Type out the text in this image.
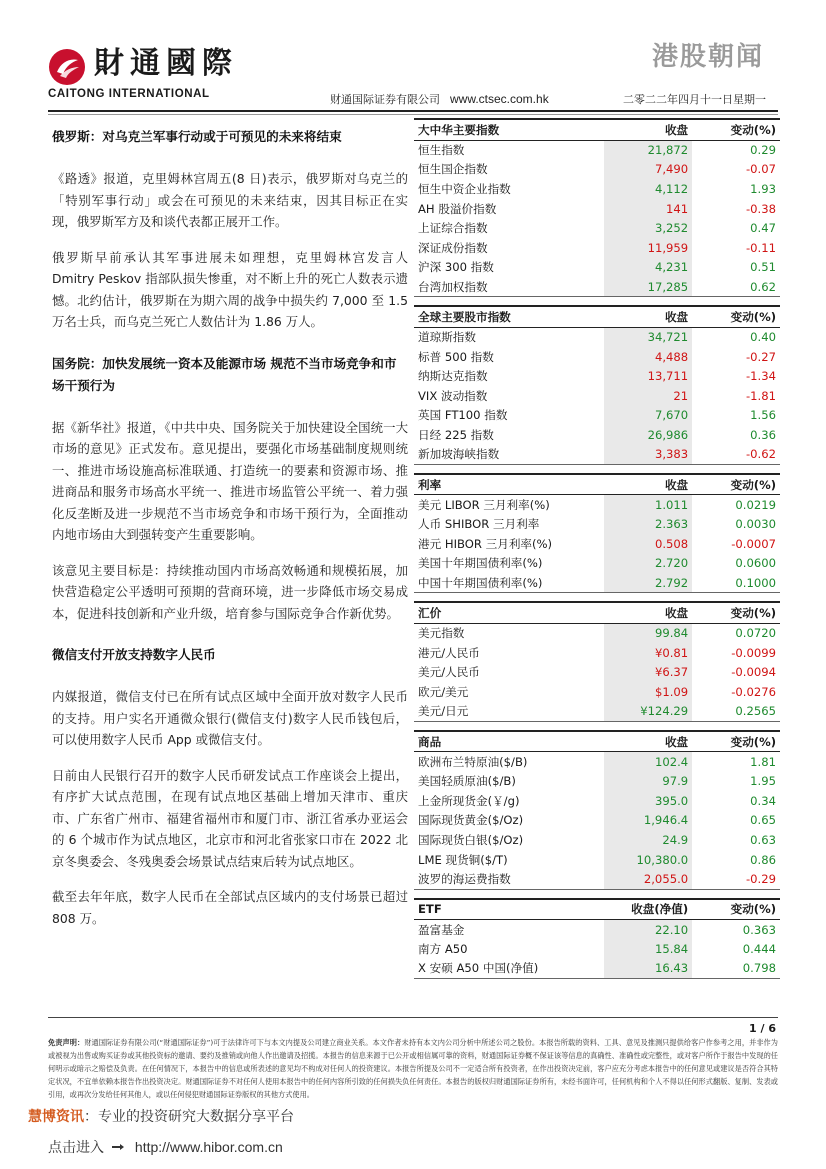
財通國際
CAITONG INTERNATIONAL
港股朝闻
财通国际证券有限公司 www.ctsec.com.hk	二零二二年四月十一日星期一
俄罗斯：对乌克兰军事行动或于可预见的未来将结束

《路透》报道，克里姆林宫周五(8 日)表示，俄罗斯对乌克兰的「特别军事行动」或会在可预见的未来结束，因其目标正在实现，俄罗斯军方及和谈代表都正展开工作。

俄罗斯早前承认其军事进展未如理想，克里姆林宫发言人 Dmitry Peskov 指部队损失惨重，对不断上升的死亡人数表示遗憾。北约估计，俄罗斯在为期六周的战争中损失约 7,000 至 1.5 万名士兵，而乌克兰死亡人数估计为 1.86 万人。

国务院：加快发展统一资本及能源市场 规范不当市场竞争和市场干预行为

据《新华社》报道，《中共中央、国务院关于加快建设全国统一大市场的意见》正式发布。意见提出，要强化市场基础制度规则统一、推进市场设施高标准联通、打造统一的要素和资源市场、推进商品和服务市场高水平统一、推进市场监管公平统一、着力强化反垄断及进一步规范不当市场竞争和市场干预行为，全面推动内地市场由大到强转变产生重要影响。

该意见主要目标是：持续推动国内市场高效畅通和规模拓展，加快营造稳定公平透明可预期的营商环境，进一步降低市场交易成本，促进科技创新和产业升级，培育参与国际竞争合作新优势。

微信支付开放支持数字人民币

内媒报道，微信支付已在所有试点区域中全面开放对数字人民币的支持。用户实名开通微众银行(微信支付)数字人民币钱包后，可以使用数字人民币 App 或微信支付。

日前由人民银行召开的数字人民币研发试点工作座谈会上提出，有序扩大试点范围，在现有试点地区基础上增加天津市、重庆市、广东省广州市、福建省福州市和厦门市、浙江省承办亚运会的 6 个城市作为试点地区，北京市和河北省张家口市在 2022 北京冬奥委会、冬残奥委会场景试点结束后转为试点地区。

截至去年年底，数字人民币在全部试点区域内的支付场景已超过 808 万。

大中华主要指数	收盘	变动(%)
恒生指数	21,872	0.29
恒生国企指数	7,490	-0.07
恒生中资企业指数	4,112	1.93
AH 股溢价指数	141	-0.38
上证综合指数	3,252	0.47
深证成份指数	11,959	-0.11
沪深 300 指数	4,231	0.51
台湾加权指数	17,285	0.62
全球主要股市指数	收盘	变动(%)
道琼斯指数	34,721	0.40
标普 500 指数	4,488	-0.27
纳斯达克指数	13,711	-1.34
VIX 波动指数	21	-1.81
英国 FT100 指数	7,670	1.56
日经 225 指数	26,986	0.36
新加坡海峡指数	3,383	-0.62
利率	收盘	变动(%)
美元 LIBOR 三月利率(%)	1.011	0.0219
人币 SHIBOR 三月利率	2.363	0.0030
港元 HIBOR 三月利率(%)	0.508	-0.0007
美国十年期国债利率(%)	2.720	0.0600
中国十年期国债利率(%)	2.792	0.1000
汇价	收盘	变动(%)
美元指数	99.84	0.0720
港元/人民币	¥0.81	-0.0099
美元/人民币	¥6.37	-0.0094
欧元/美元	$1.09	-0.0276
美元/日元	¥124.29	0.2565
商品	收盘	变动(%)
欧洲布兰特原油($/B)	102.4	1.81
美国轻质原油($/B)	97.9	1.95
上金所现货金(￥/g)	395.0	0.34
国际现货黄金($/Oz)	1,946.4	0.65
国际现货白银($/Oz)	24.9	0.63
LME 现货铜($/T)	10,380.0	0.86
波罗的海运费指数	2,055.0	-0.29
ETF	收盘(净值)	变动(%)
盈富基金	22.10	0.363
南方 A50	15.84	0.444
X 安硕 A50 中国(净值)	16.43	0.798
1 / 6
免责声明：财通国际证券有限公司(“财通国际证券”)可于法律许可下与本文内提及公司建立商业关系。本文作者未持有本文内公司分析中所述公司之股份。本报告所载的资料、工具、意见及推测只提供给客户作参考之用，并非作为或被视为出售或购买证券或其他投资标的邀请、要约及推销或向他人作出邀请及招揽。本报告的信息来源于已公开或相信属可靠的资料，财通国际证券概不保证该等信息的真确性、准确性或完整性，或对客户所作于报告中发现的任何明示或暗示之赔偿及负责。在任何情况下，本报告中的信息或所表述的意见均不构成对任何人的投资建议。本报告所提及公司不一定适合所有投资者，在作出投资决定前，客户应充分考虑本报告中的任何意见或建议是否符合其特定状况，不宜单依赖本报告作出投资决定。财通国际证券不对任何人使用本报告中的任何内容所引致的任何损失负任何责任。本报告的版权归财通国际证券所有，未经书面许可，任何机构和个人不得以任何形式翻版、复制、发表或引用，或再次分发给任何其他人，或以任何侵犯财通国际证券版权的其他方式使用。
慧博资讯：专业的投资研究大数据分享平台
点击进入 http://www.hibor.com.cn
